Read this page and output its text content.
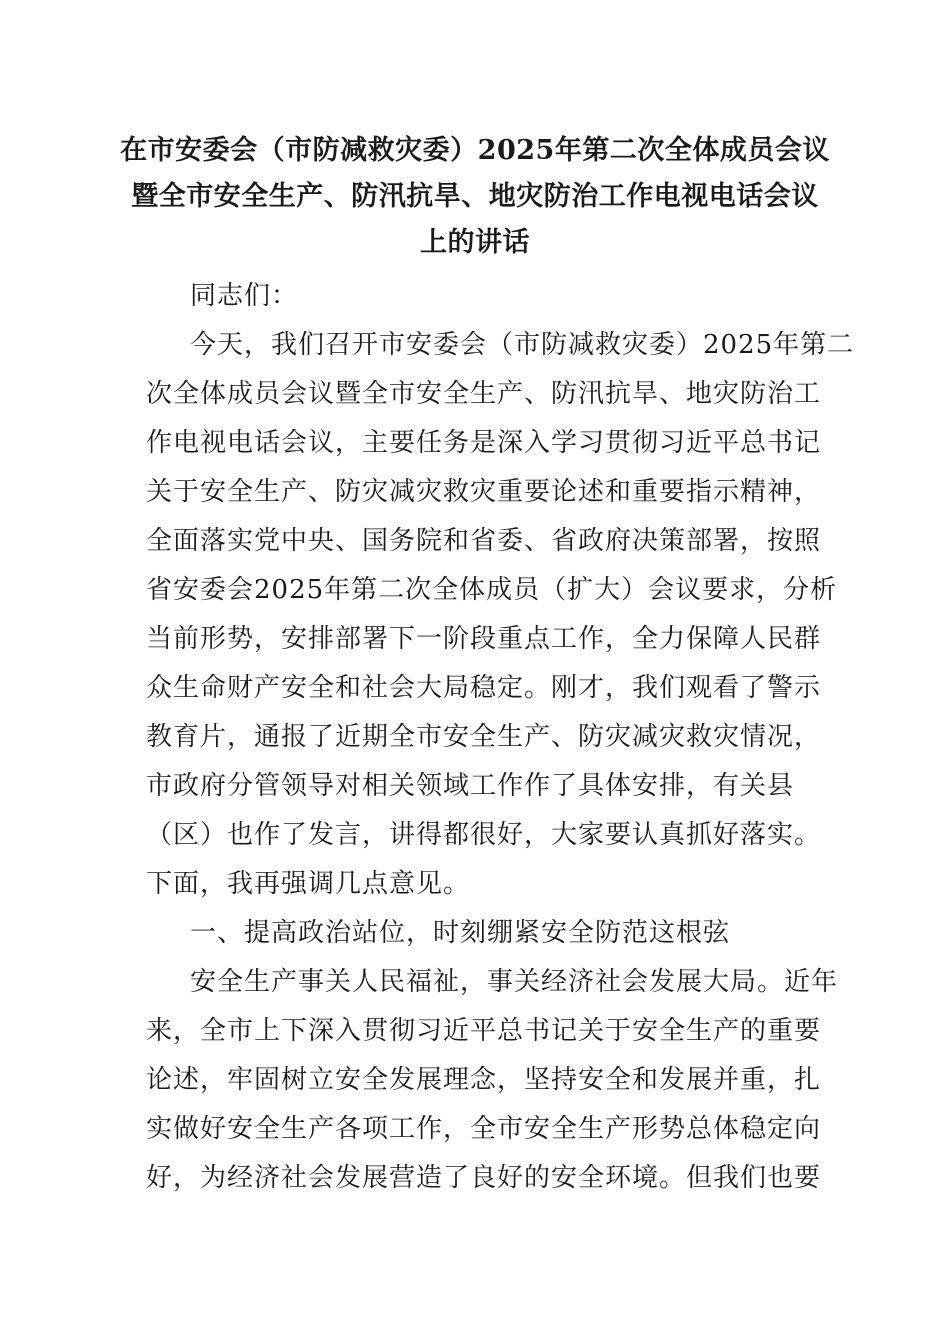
在市安委会（市防减救灾委）2025年第二次全体成员会议
暨全市安全生产、防汛抗旱、地灾防治工作电视电话会议
上的讲话
同志们：
今天，我们召开市安委会（市防减救灾委）2025年第二
次全体成员会议暨全市安全生产、防汛抗旱、地灾防治工
作电视电话会议，主要任务是深入学习贯彻习近平总书记
关于安全生产、防灾减灾救灾重要论述和重要指示精神，
全面落实党中央、国务院和省委、省政府决策部署，按照
省安委会2025年第二次全体成员（扩大）会议要求，分析
当前形势，安排部署下一阶段重点工作，全力保障人民群
众生命财产安全和社会大局稳定。刚才，我们观看了警示
教育片，通报了近期全市安全生产、防灾减灾救灾情况，
市政府分管领导对相关领域工作作了具体安排，有关县
（区）也作了发言，讲得都很好，大家要认真抓好落实。
下面，我再强调几点意见。
一、提高政治站位，时刻绷紧安全防范这根弦
安全生产事关人民福祉，事关经济社会发展大局。近年
来，全市上下深入贯彻习近平总书记关于安全生产的重要
论述，牢固树立安全发展理念，坚持安全和发展并重，扎
实做好安全生产各项工作，全市安全生产形势总体稳定向
好，为经济社会发展营造了良好的安全环境。但我们也要
